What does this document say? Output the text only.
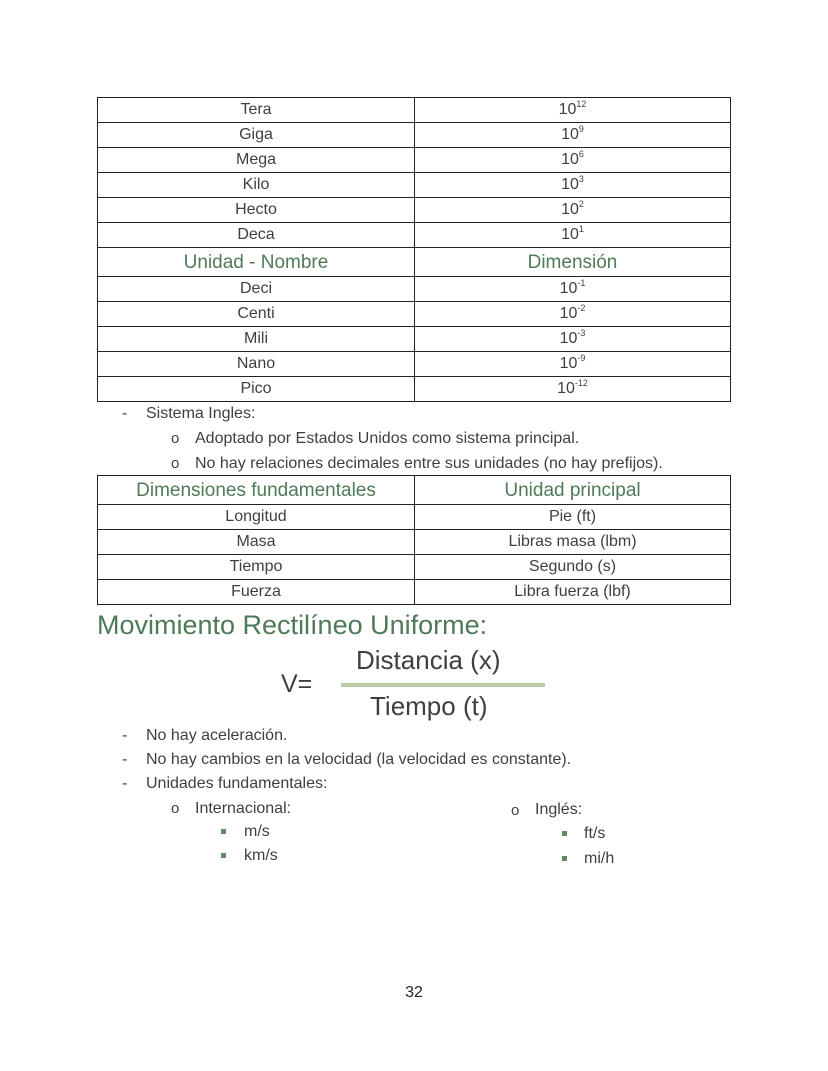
Tera	$10^{12}$
Giga	$10^9$
Mega	$10^6$
Kilo	$10^3$
Hecto	$10^2$
Deca	$10^1$
Unidad - Nombre	Dimensión
Deci	$10^{-1}$
Centi	$10^{-2}$
Mili	$10^{-3}$
Nano	$10^{-9}$
Pico	$10^{-12}$
- Sistema Ingles:
o Adoptado por Estados Unidos como sistema principal.
o No hay relaciones decimales entre sus unidades (no hay prefijos).
Dimensiones fundamentales	Unidad principal
Longitud	Pie (ft)
Masa	Libras masa (lbm)
Tiempo	Segundo (s)
Fuerza	Libra fuerza (lbf)
Movimiento Rectilíneo Uniforme:
V=
Distancia (x)
Tiempo (t)
- No hay aceleración.
- No hay cambios en la velocidad (la velocidad es constante).
- Unidades fundamentales:
o Internacional:
m/s
km/s
o Inglés:
ft/s
mi/h
32
